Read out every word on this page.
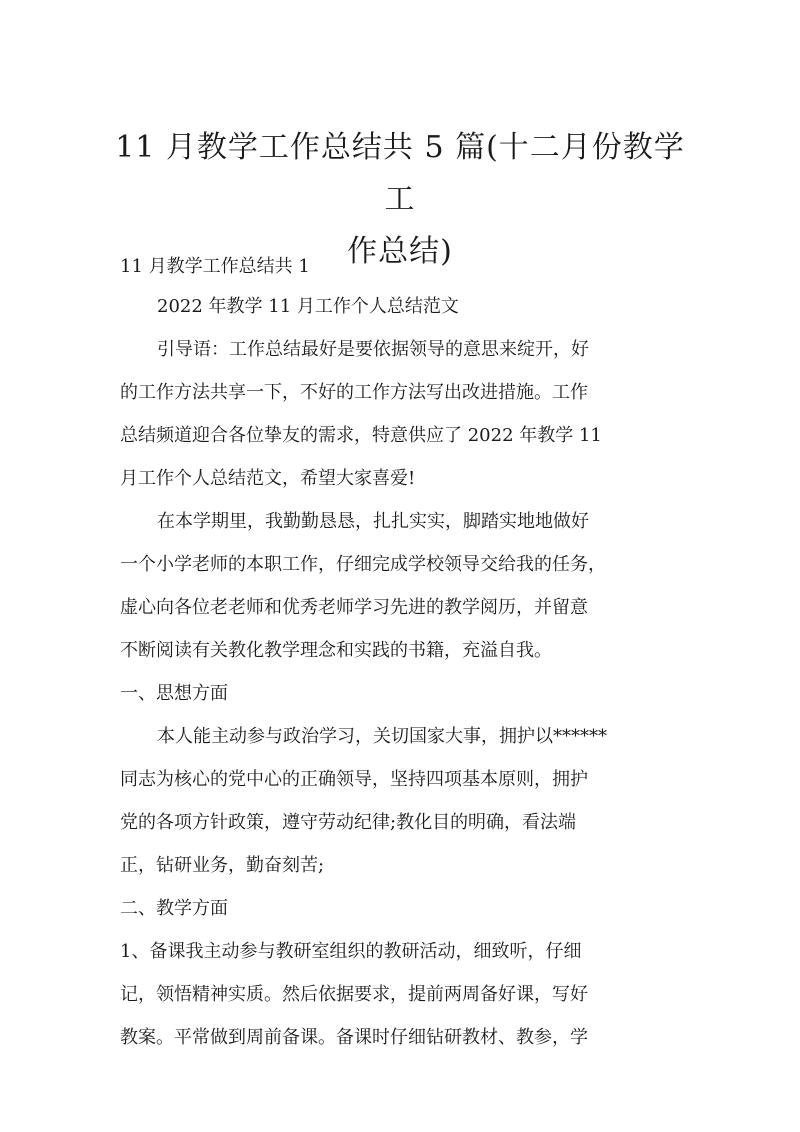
11 月教学工作总结共 5 篇(十二月份教学工
作总结)

11 月教学工作总结共 1

2022 年教学 11 月工作个人总结范文

引导语：工作总结最好是要依据领导的意思来绽开，好

的工作方法共享一下，不好的工作方法写出改进措施。工作

总结频道迎合各位挚友的需求，特意供应了 2022 年教学 11

月工作个人总结范文，希望大家喜爱!

在本学期里，我勤勤恳恳，扎扎实实，脚踏实地地做好

一个小学老师的本职工作，仔细完成学校领导交给我的任务，

虚心向各位老老师和优秀老师学习先进的教学阅历，并留意

不断阅读有关教化教学理念和实践的书籍，充溢自我。

一、思想方面

本人能主动参与政治学习，关切国家大事，拥护以******

同志为核心的党中心的正确领导，坚持四项基本原则，拥护

党的各项方针政策，遵守劳动纪律;教化目的明确，看法端

正，钻研业务，勤奋刻苦;

二、教学方面

1、备课我主动参与教研室组织的教研活动，细致听，仔细

记，领悟精神实质。然后依据要求，提前两周备好课，写好

教案。平常做到周前备课。备课时仔细钻研教材、教参，学
